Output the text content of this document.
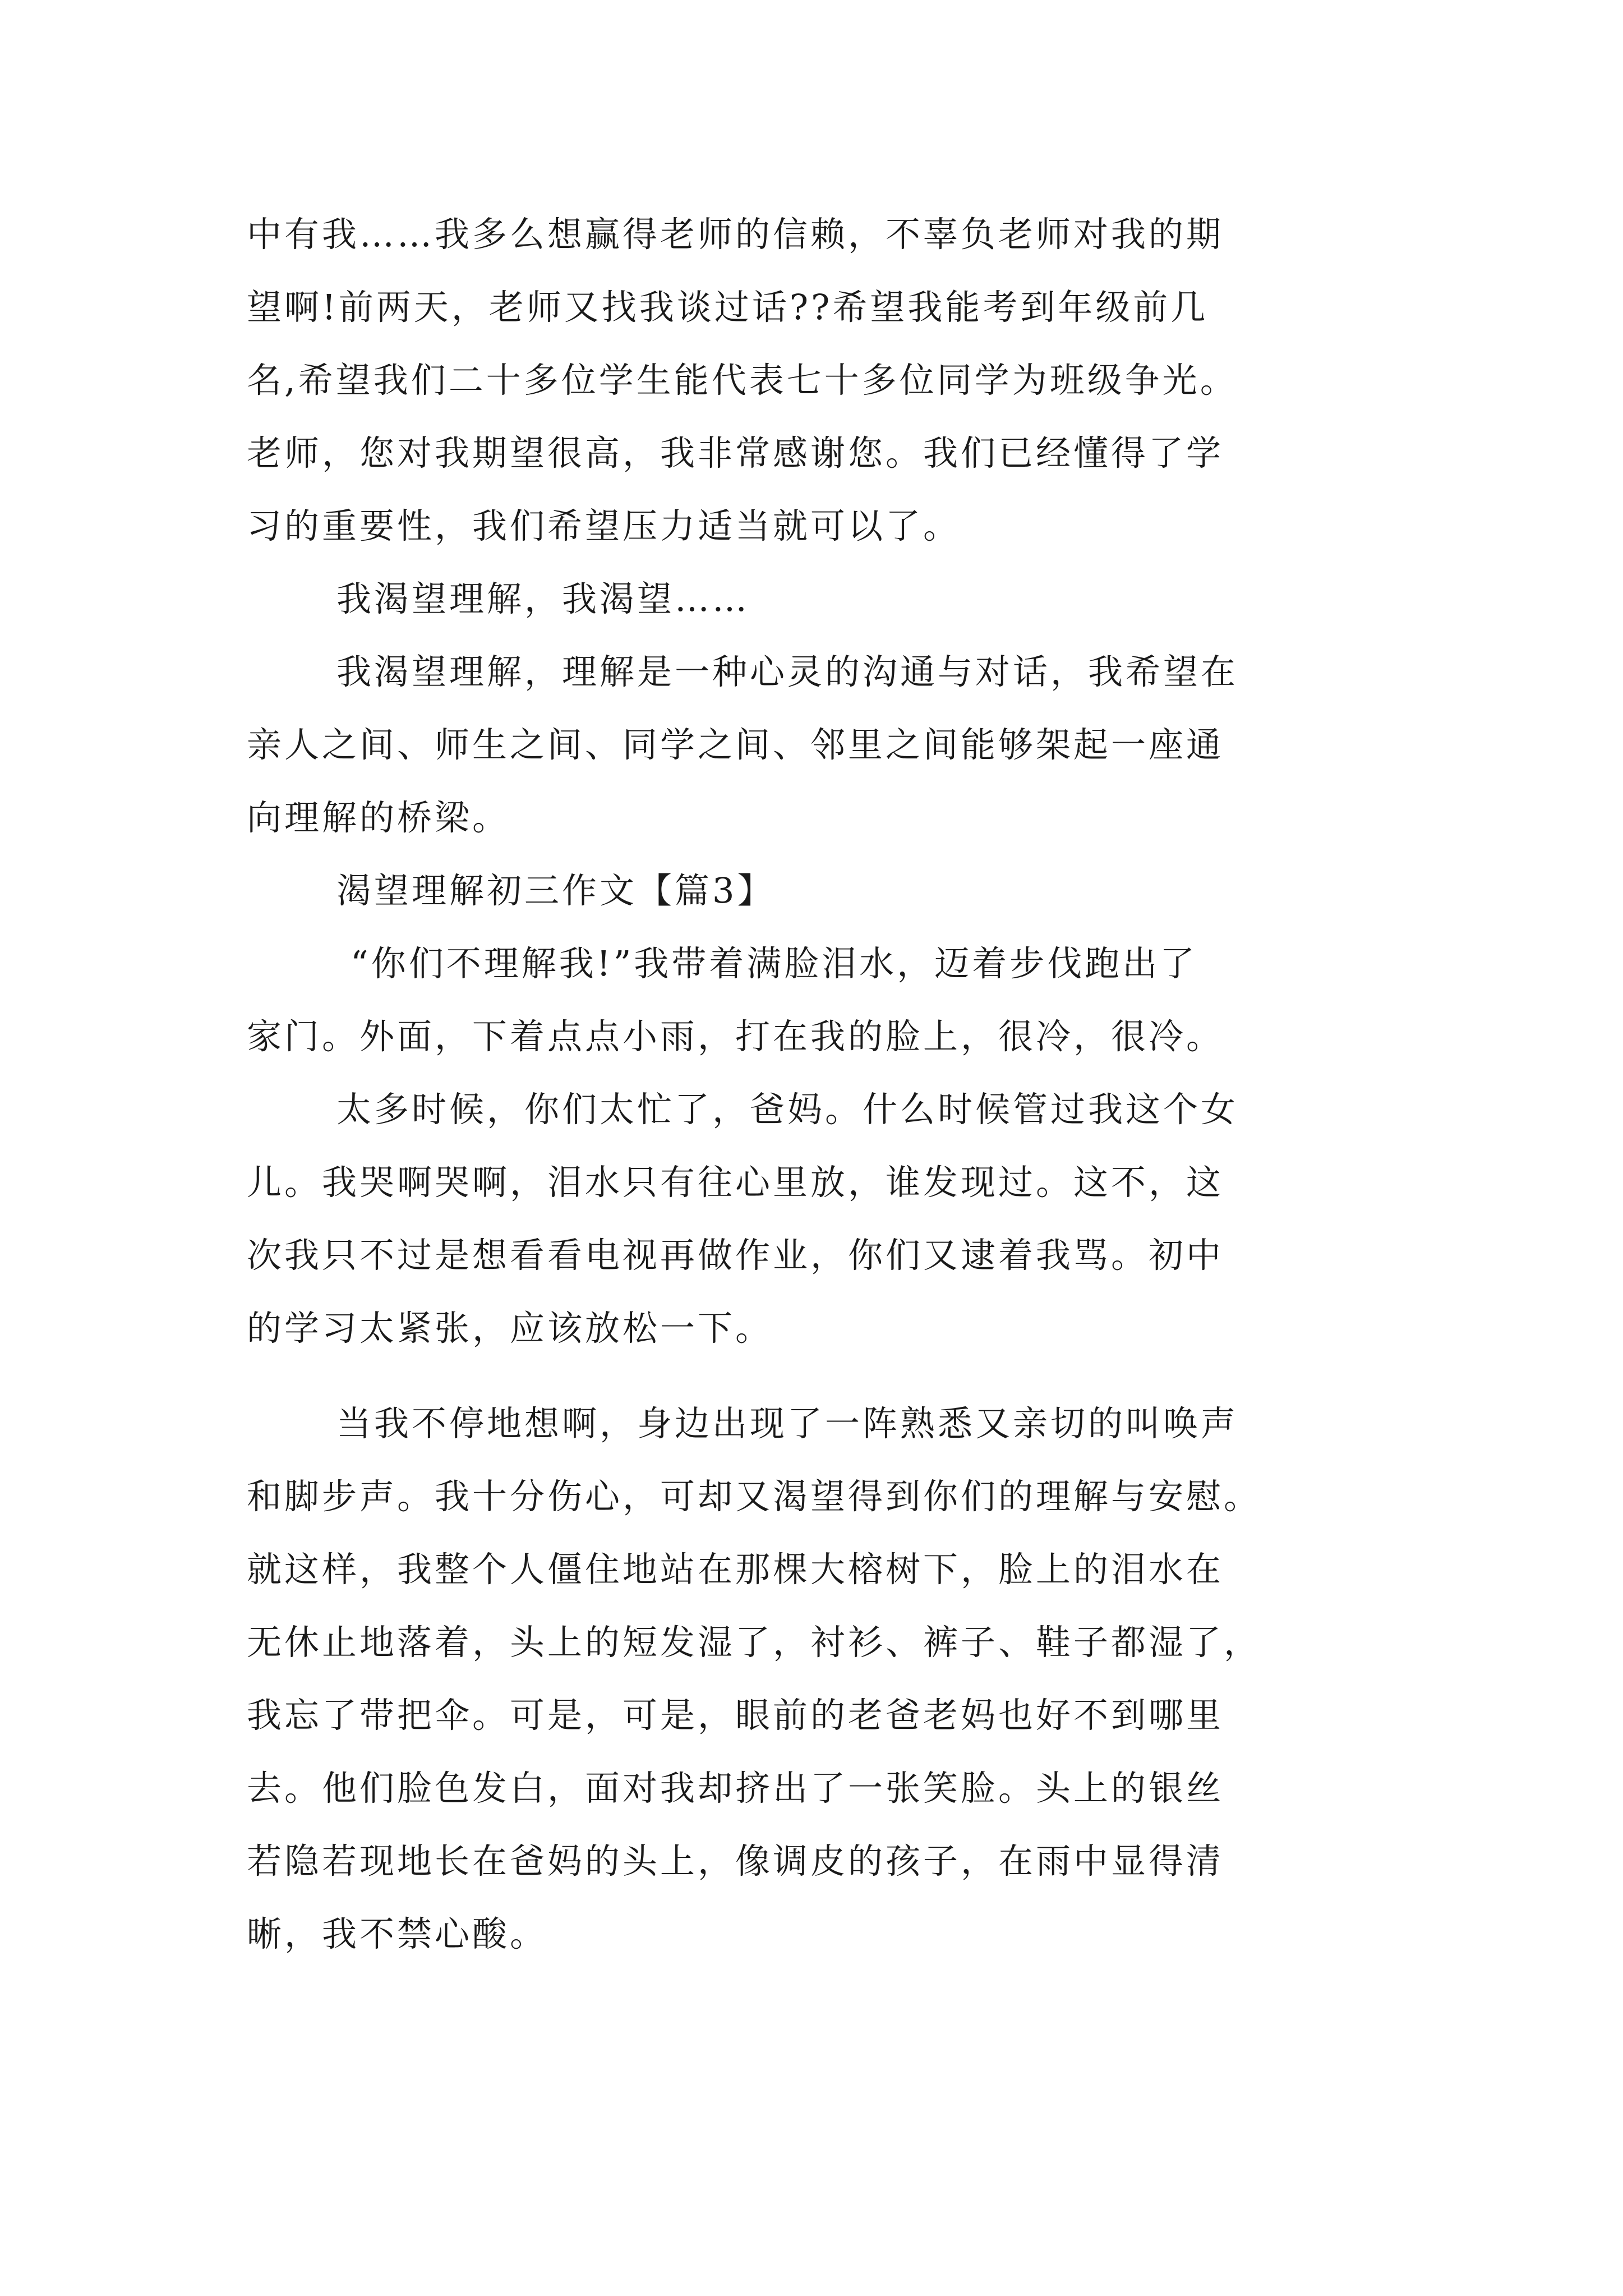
中有我……我多么想赢得老师的信赖，不辜负老师对我的期
望啊!前两天，老师又找我谈过话??希望我能考到年级前几
名,希望我们二十多位学生能代表七十多位同学为班级争光。
老师，您对我期望很高，我非常感谢您。我们已经懂得了学
习的重要性，我们希望压力适当就可以了。
我渴望理解，我渴望……
我渴望理解，理解是一种心灵的沟通与对话，我希望在
亲人之间、师生之间、同学之间、邻里之间能够架起一座通
向理解的桥梁。
渴望理解初三作文【篇3】
“你们不理解我!”我带着满脸泪水，迈着步伐跑出了
家门。外面，下着点点小雨，打在我的脸上，很冷，很冷。
太多时候，你们太忙了，爸妈。什么时候管过我这个女
儿。我哭啊哭啊，泪水只有往心里放，谁发现过。这不，这
次我只不过是想看看电视再做作业，你们又逮着我骂。初中
的学习太紧张，应该放松一下。
当我不停地想啊，身边出现了一阵熟悉又亲切的叫唤声
和脚步声。我十分伤心，可却又渴望得到你们的理解与安慰。
就这样，我整个人僵住地站在那棵大榕树下，脸上的泪水在
无休止地落着，头上的短发湿了，衬衫、裤子、鞋子都湿了，
我忘了带把伞。可是，可是，眼前的老爸老妈也好不到哪里
去。他们脸色发白，面对我却挤出了一张笑脸。头上的银丝
若隐若现地长在爸妈的头上，像调皮的孩子，在雨中显得清
晰，我不禁心酸。
